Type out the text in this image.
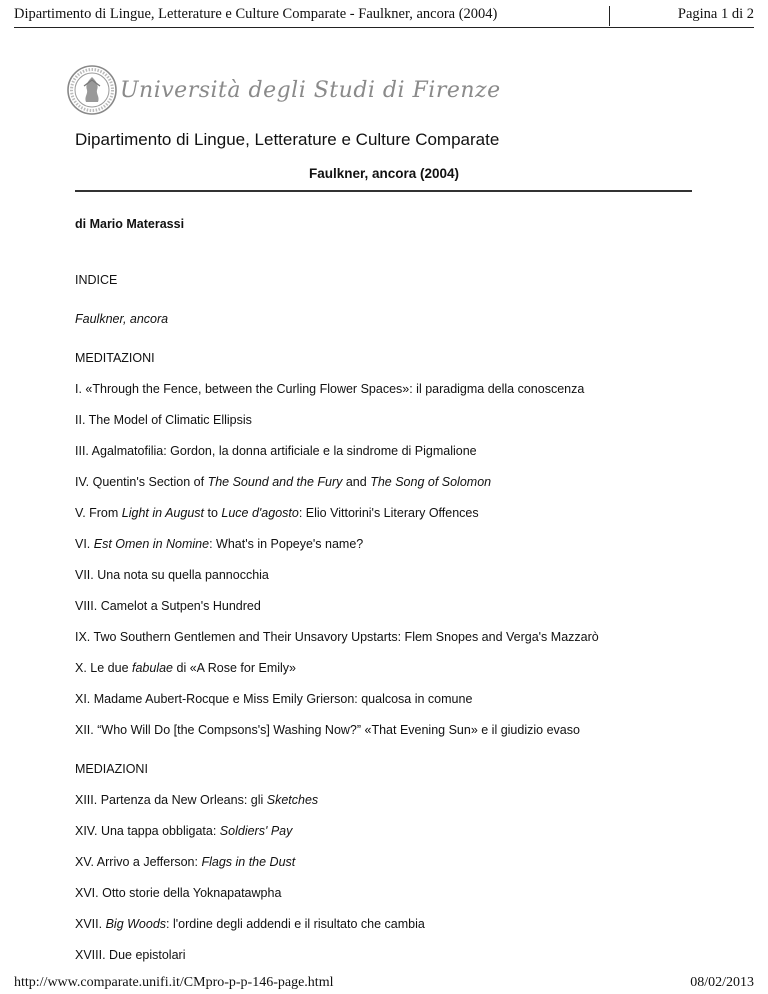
Dipartimento di Lingue, Letterature e Culture Comparate - Faulkner, ancora (2004)	Pagina 1 di 2
Università degli Studi di Firenze
Dipartimento di Lingue, Letterature e Culture Comparate
Faulkner, ancora (2004)
di Mario Materassi
INDICE
Faulkner, ancora
MEDITAZIONI
I. «Through the Fence, between the Curling Flower Spaces»: il paradigma della conoscenza
II. The Model of Climatic Ellipsis
III. Agalmatofilia: Gordon, la donna artificiale e la sindrome di Pigmalione
IV. Quentin's Section of The Sound and the Fury and The Song of Solomon
V. From Light in August to Luce d'agosto: Elio Vittorini's Literary Offences
VI. Est Omen in Nomine: What's in Popeye's name?
VII. Una nota su quella pannocchia
VIII. Camelot a Sutpen's Hundred
IX. Two Southern Gentlemen and Their Unsavory Upstarts: Flem Snopes and Verga's Mazzarò
X. Le due fabulae di «A Rose for Emily»
XI. Madame Aubert-Rocque e Miss Emily Grierson: qualcosa in comune
XII. “Who Will Do [the Compsons's] Washing Now?” «That Evening Sun» e il giudizio evaso
MEDIAZIONI
XIII. Partenza da New Orleans: gli Sketches
XIV. Una tappa obbligata: Soldiers' Pay
XV. Arrivo a Jefferson: Flags in the Dust
XVI. Otto storie della Yoknapatawpha
XVII. Big Woods: l'ordine degli addendi e il risultato che cambia
XVIII. Due epistolari
http://www.comparate.unifi.it/CMpro-p-p-146-page.html	08/02/2013
